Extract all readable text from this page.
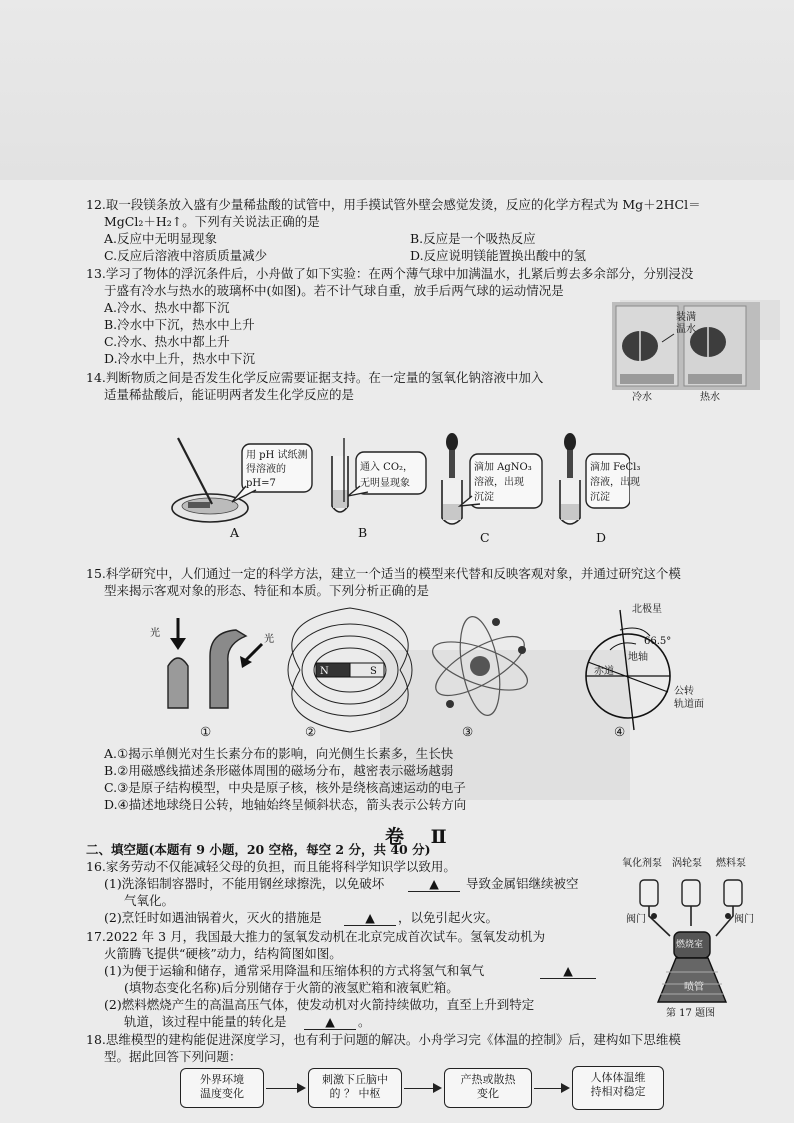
12.取一段镁条放入盛有少量稀盐酸的试管中，用手摸试管外壁会感觉发烫，反应的化学方程式为 Mg＋2HCl＝
MgCl₂＋H₂↑。下列有关说法正确的是
A.反应中无明显现象	B.反应是一个吸热反应
C.反应后溶液中溶质质量减少	D.反应说明镁能置换出酸中的氢
13.学习了物体的浮沉条件后，小舟做了如下实验：在两个薄气球中加满温水，扎紧后剪去多余部分，分别浸没
于盛有冷水与热水的玻璃杯中(如图)。若不计气球自重，放手后两气球的运动情况是
A.冷水、热水中都下沉
B.冷水中下沉，热水中上升
C.冷水、热水中都上升
D.冷水中上升，热水中下沉
装满温水
冷水	热水
14.判断物质之间是否发生化学反应需要证据支持。在一定量的氢氧化钠溶液中加入
适量稀盐酸后，能证明两者发生化学反应的是
用 pH 试纸测
得溶液的
pH=7
通入 CO₂，
无明显现象
滴加 AgNO₃
溶液，出现
沉淀
滴加 FeCl₃
溶液，出现
沉淀
A	B	C	D
15.科学研究中，人们通过一定的科学方法，建立一个适当的模型来代替和反映客观对象，并通过研究这个模
型来揭示客观对象的形态、特征和本质。下列分析正确的是
光
光
N	S
北极星
66.5°
地轴
赤道
公转
轨道面
①	②	③	④
A.①揭示单侧光对生长素分布的影响，向光侧生长素多，生长快
B.②用磁感线描述条形磁体周围的磁场分布，越密表示磁场越弱
C.③是原子结构模型，中央是原子核，核外是绕核高速运动的电子
D.④描述地球绕日公转，地轴始终呈倾斜状态，箭头表示公转方向
卷 Ⅱ
二、填空题(本题有 9 小题，20 空格，每空 2 分，共 40 分)
16.家务劳动不仅能减轻父母的负担，而且能将科学知识学以致用。
(1)洗涤铝制容器时，不能用钢丝球擦洗，以免破坏	▲	导致金属铝继续被空
气氧化。
(2)烹饪时如遇油锅着火，灭火的措施是	▲	，以免引起火灾。
17.2022 年 3 月，我国最大推力的氢氧发动机在北京完成首次试车。氢氧发动机为
火箭腾飞提供“硬核”动力，结构简图如图。
(1)为便于运输和储存，通常采用降温和压缩体积的方式将氢气和氧气	▲
(填物态变化名称)后分别储存于火箭的液氢贮箱和液氧贮箱。
(2)燃料燃烧产生的高温高压气体，使发动机对火箭持续做功，直至上升到特定
轨道，该过程中能量的转化是	▲	。
氧化剂泵 涡轮泵 燃料泵
阀门	阀门
燃烧室
喷管
第 17 题图
18.思维模型的建构能促进深度学习，也有利于问题的解决。小舟学习完《体温的控制》后，建构如下思维模
型。据此回答下列问题：
外界环境
温度变化
刺激下丘脑中
的 ？ 中枢
产热或散热
变化
人体体温维
持相对稳定
